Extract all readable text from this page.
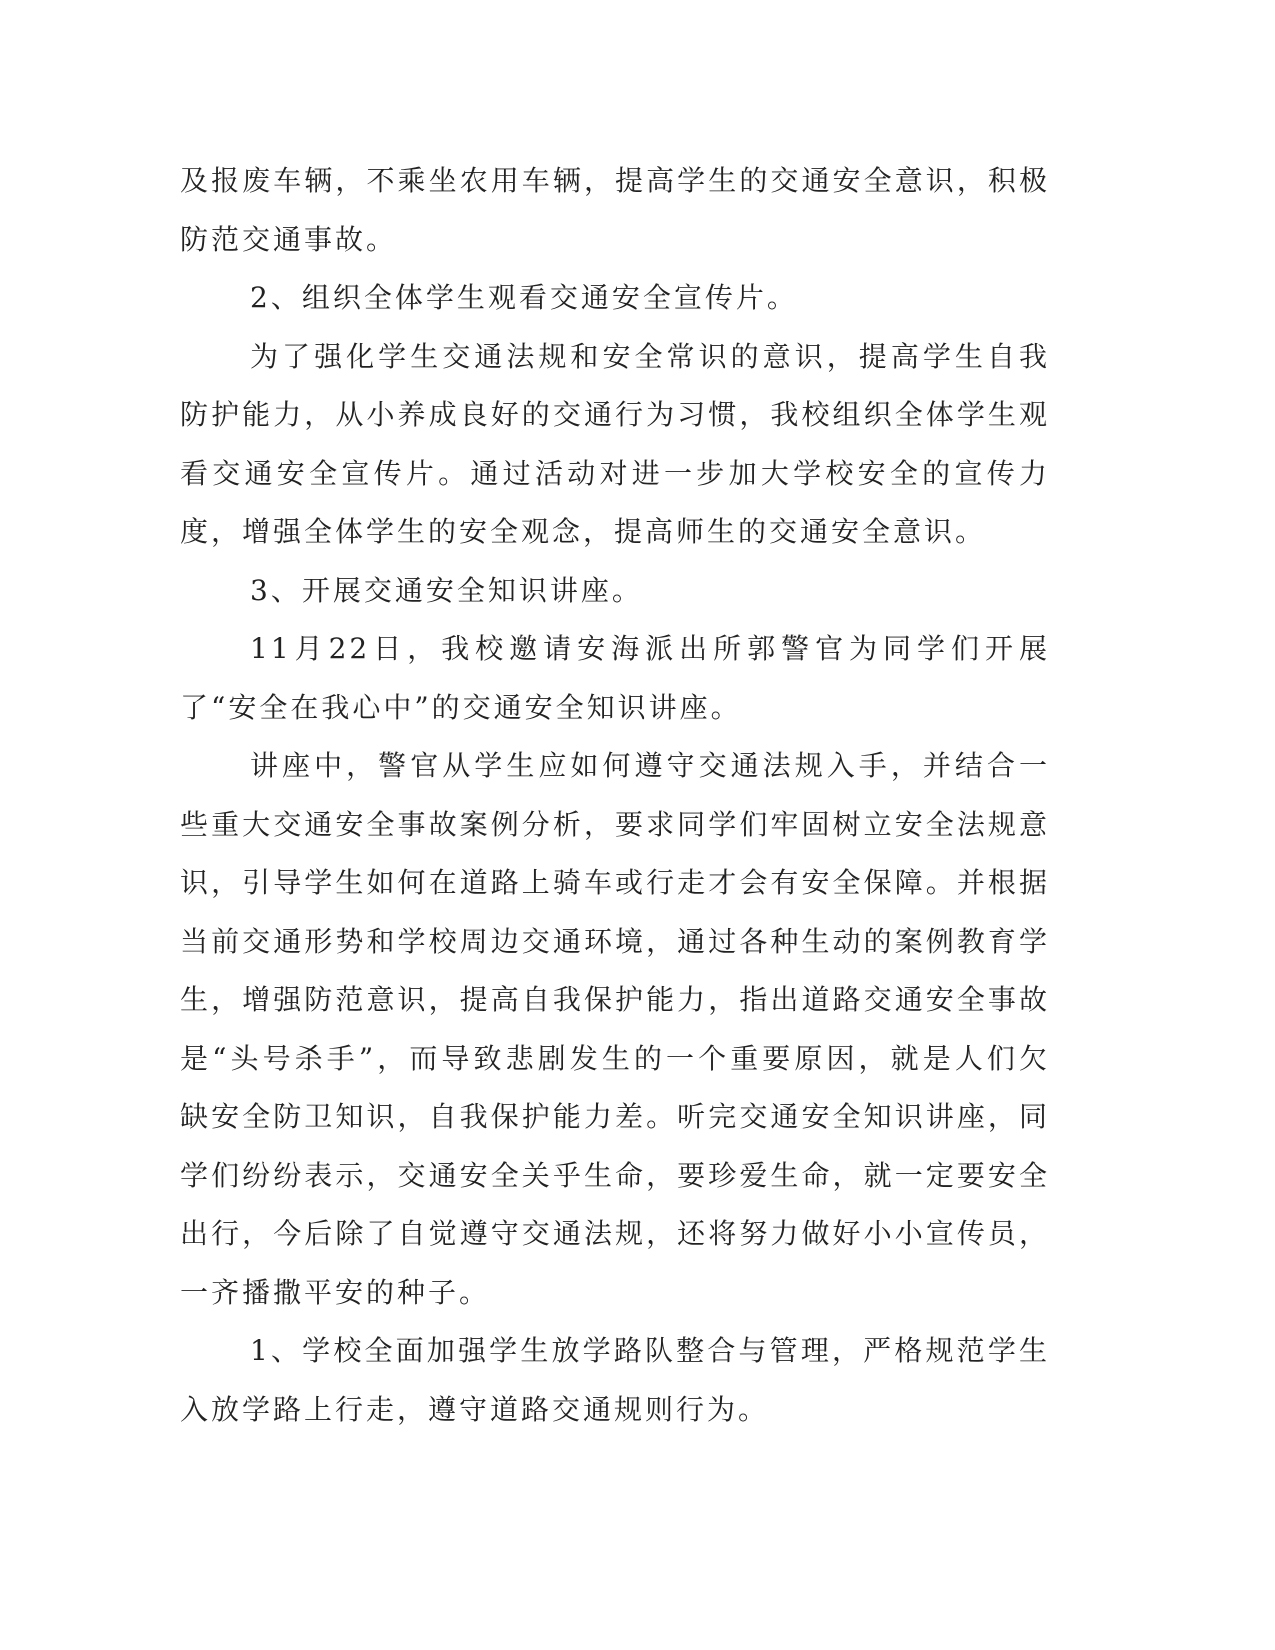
及报废车辆，不乘坐农用车辆，提高学生的交通安全意识，积极防范交通事故。

2、组织全体学生观看交通安全宣传片。

为了强化学生交通法规和安全常识的意识，提高学生自我防护能力，从小养成良好的交通行为习惯，我校组织全体学生观看交通安全宣传片。通过活动对进一步加大学校安全的宣传力度，增强全体学生的安全观念，提高师生的交通安全意识。

3、开展交通安全知识讲座。

11月22日，我校邀请安海派出所郭警官为同学们开展了“安全在我心中”的交通安全知识讲座。

讲座中，警官从学生应如何遵守交通法规入手，并结合一些重大交通安全事故案例分析，要求同学们牢固树立安全法规意识，引导学生如何在道路上骑车或行走才会有安全保障。并根据当前交通形势和学校周边交通环境，通过各种生动的案例教育学生，增强防范意识，提高自我保护能力，指出道路交通安全事故是“头号杀手”，而导致悲剧发生的一个重要原因，就是人们欠缺安全防卫知识，自我保护能力差。听完交通安全知识讲座，同学们纷纷表示，交通安全关乎生命，要珍爱生命，就一定要安全出行，今后除了自觉遵守交通法规，还将努力做好小小宣传员，一齐播撒平安的种子。

1、学校全面加强学生放学路队整合与管理，严格规范学生入放学路上行走，遵守道路交通规则行为。
